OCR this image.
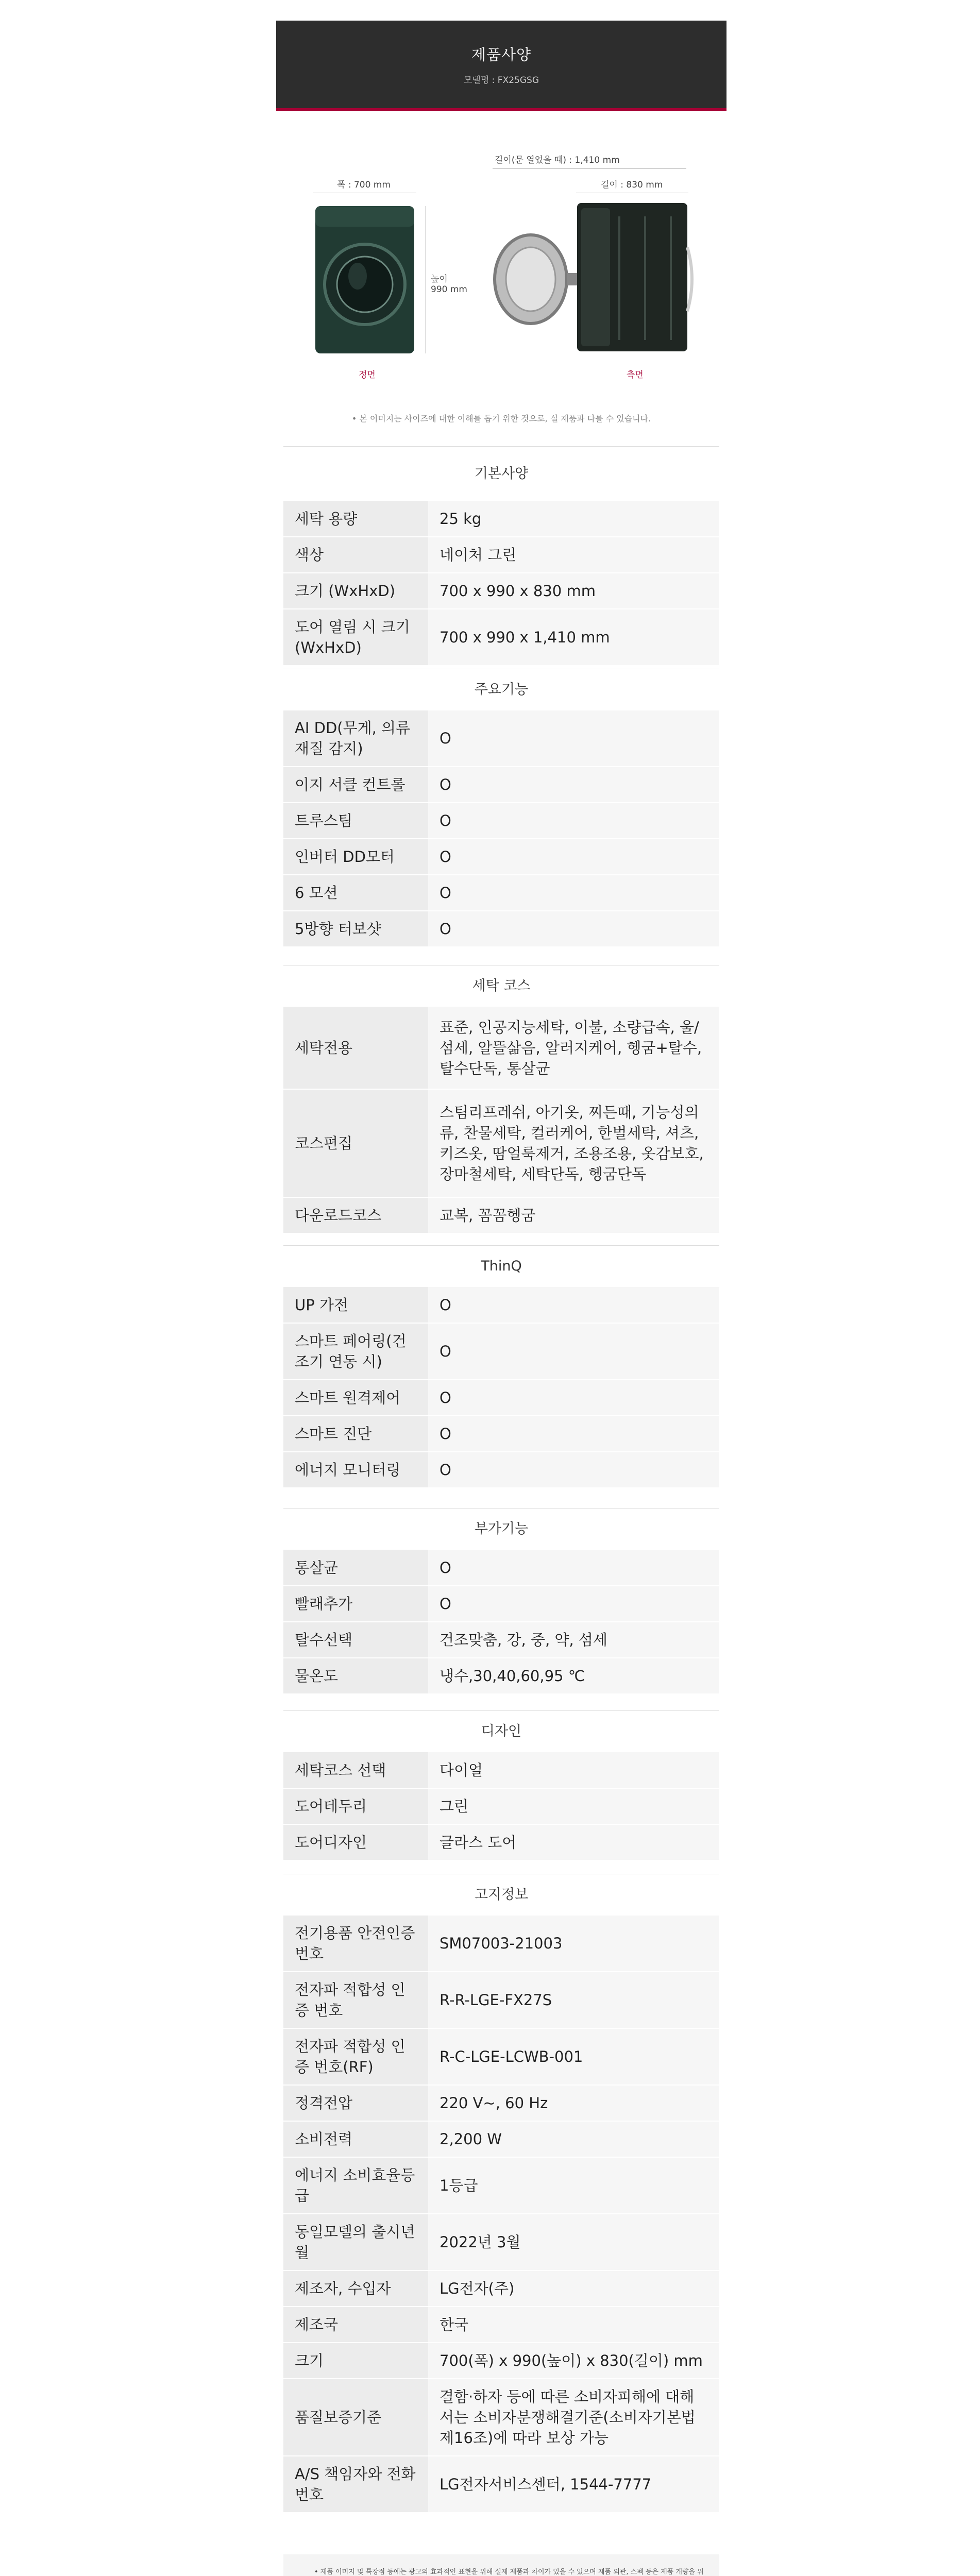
제품사양
모델명 : FX25GSG
폭 : 700 mm
높이
990 mm
정면
길이(문 열었을 때) : 1,410 mm
길이 : 830 mm
측면
• 본 이미지는 사이즈에 대한 이해를 돕기 위한 것으로, 실 제품과 다를 수 있습니다.
기본사양
세탁 용량	25 kg
색상	네이처 그린
크기 (WxHxD)	700 x 990 x 830 mm
도어 열림 시 크기 (WxHxD)	700 x 990 x 1,410 mm
주요기능
AI DD(무게, 의류 재질 감지)	O
이지 서클 컨트롤	O
트루스팀	O
인버터 DD모터	O
6 모션	O
5방향 터보샷	O
세탁 코스
세탁전용	표준, 인공지능세탁, 이불, 소량급속, 울/섬세, 알뜰삶음, 알러지케어, 헹굼+탈수, 탈수단독, 통살균
코스편집	스팀리프레쉬, 아기옷, 찌든때, 기능성의류, 찬물세탁, 컬러케어, 한벌세탁, 셔츠, 키즈옷, 땀얼룩제거, 조용조용, 옷감보호, 장마철세탁, 세탁단독, 헹굼단독
다운로드코스	교복, 꼼꼼헹굼
ThinQ
UP 가전	O
스마트 페어링(건조기 연동 시)	O
스마트 원격제어	O
스마트 진단	O
에너지 모니터링	O
부가기능
통살균	O
빨래추가	O
탈수선택	건조맞춤, 강, 중, 약, 섬세
물온도	냉수,30,40,60,95 ℃
디자인
세탁코스 선택	다이얼
도어테두리	그린
도어디자인	글라스 도어
고지정보
전기용품 안전인증 번호	SM07003-21003
전자파 적합성 인증 번호	R-R-LGE-FX27S
전자파 적합성 인증 번호(RF)	R-C-LGE-LCWB-001
정격전압	220 V~, 60 Hz
소비전력	2,200 W
에너지 소비효율등급	1등급
동일모델의 출시년월	2022년 3월
제조자, 수입자	LG전자(주)
제조국	한국
크기	700(폭) x 990(높이) x 830(길이) mm
품질보증기준	결함·하자 등에 따른 소비자피해에 대해서는 소비자분쟁해결기준(소비자기본법 제16조)에 따라 보상 가능
A/S 책임자와 전화번호	LG전자서비스센터, 1544-7777

• 제품 이미지 및 특장점 등에는 광고의 효과적인 표현을 위해 실제 제품과 차이가 있을 수 있으며 제품 외관, 스펙 등은 제품 개량을 위
